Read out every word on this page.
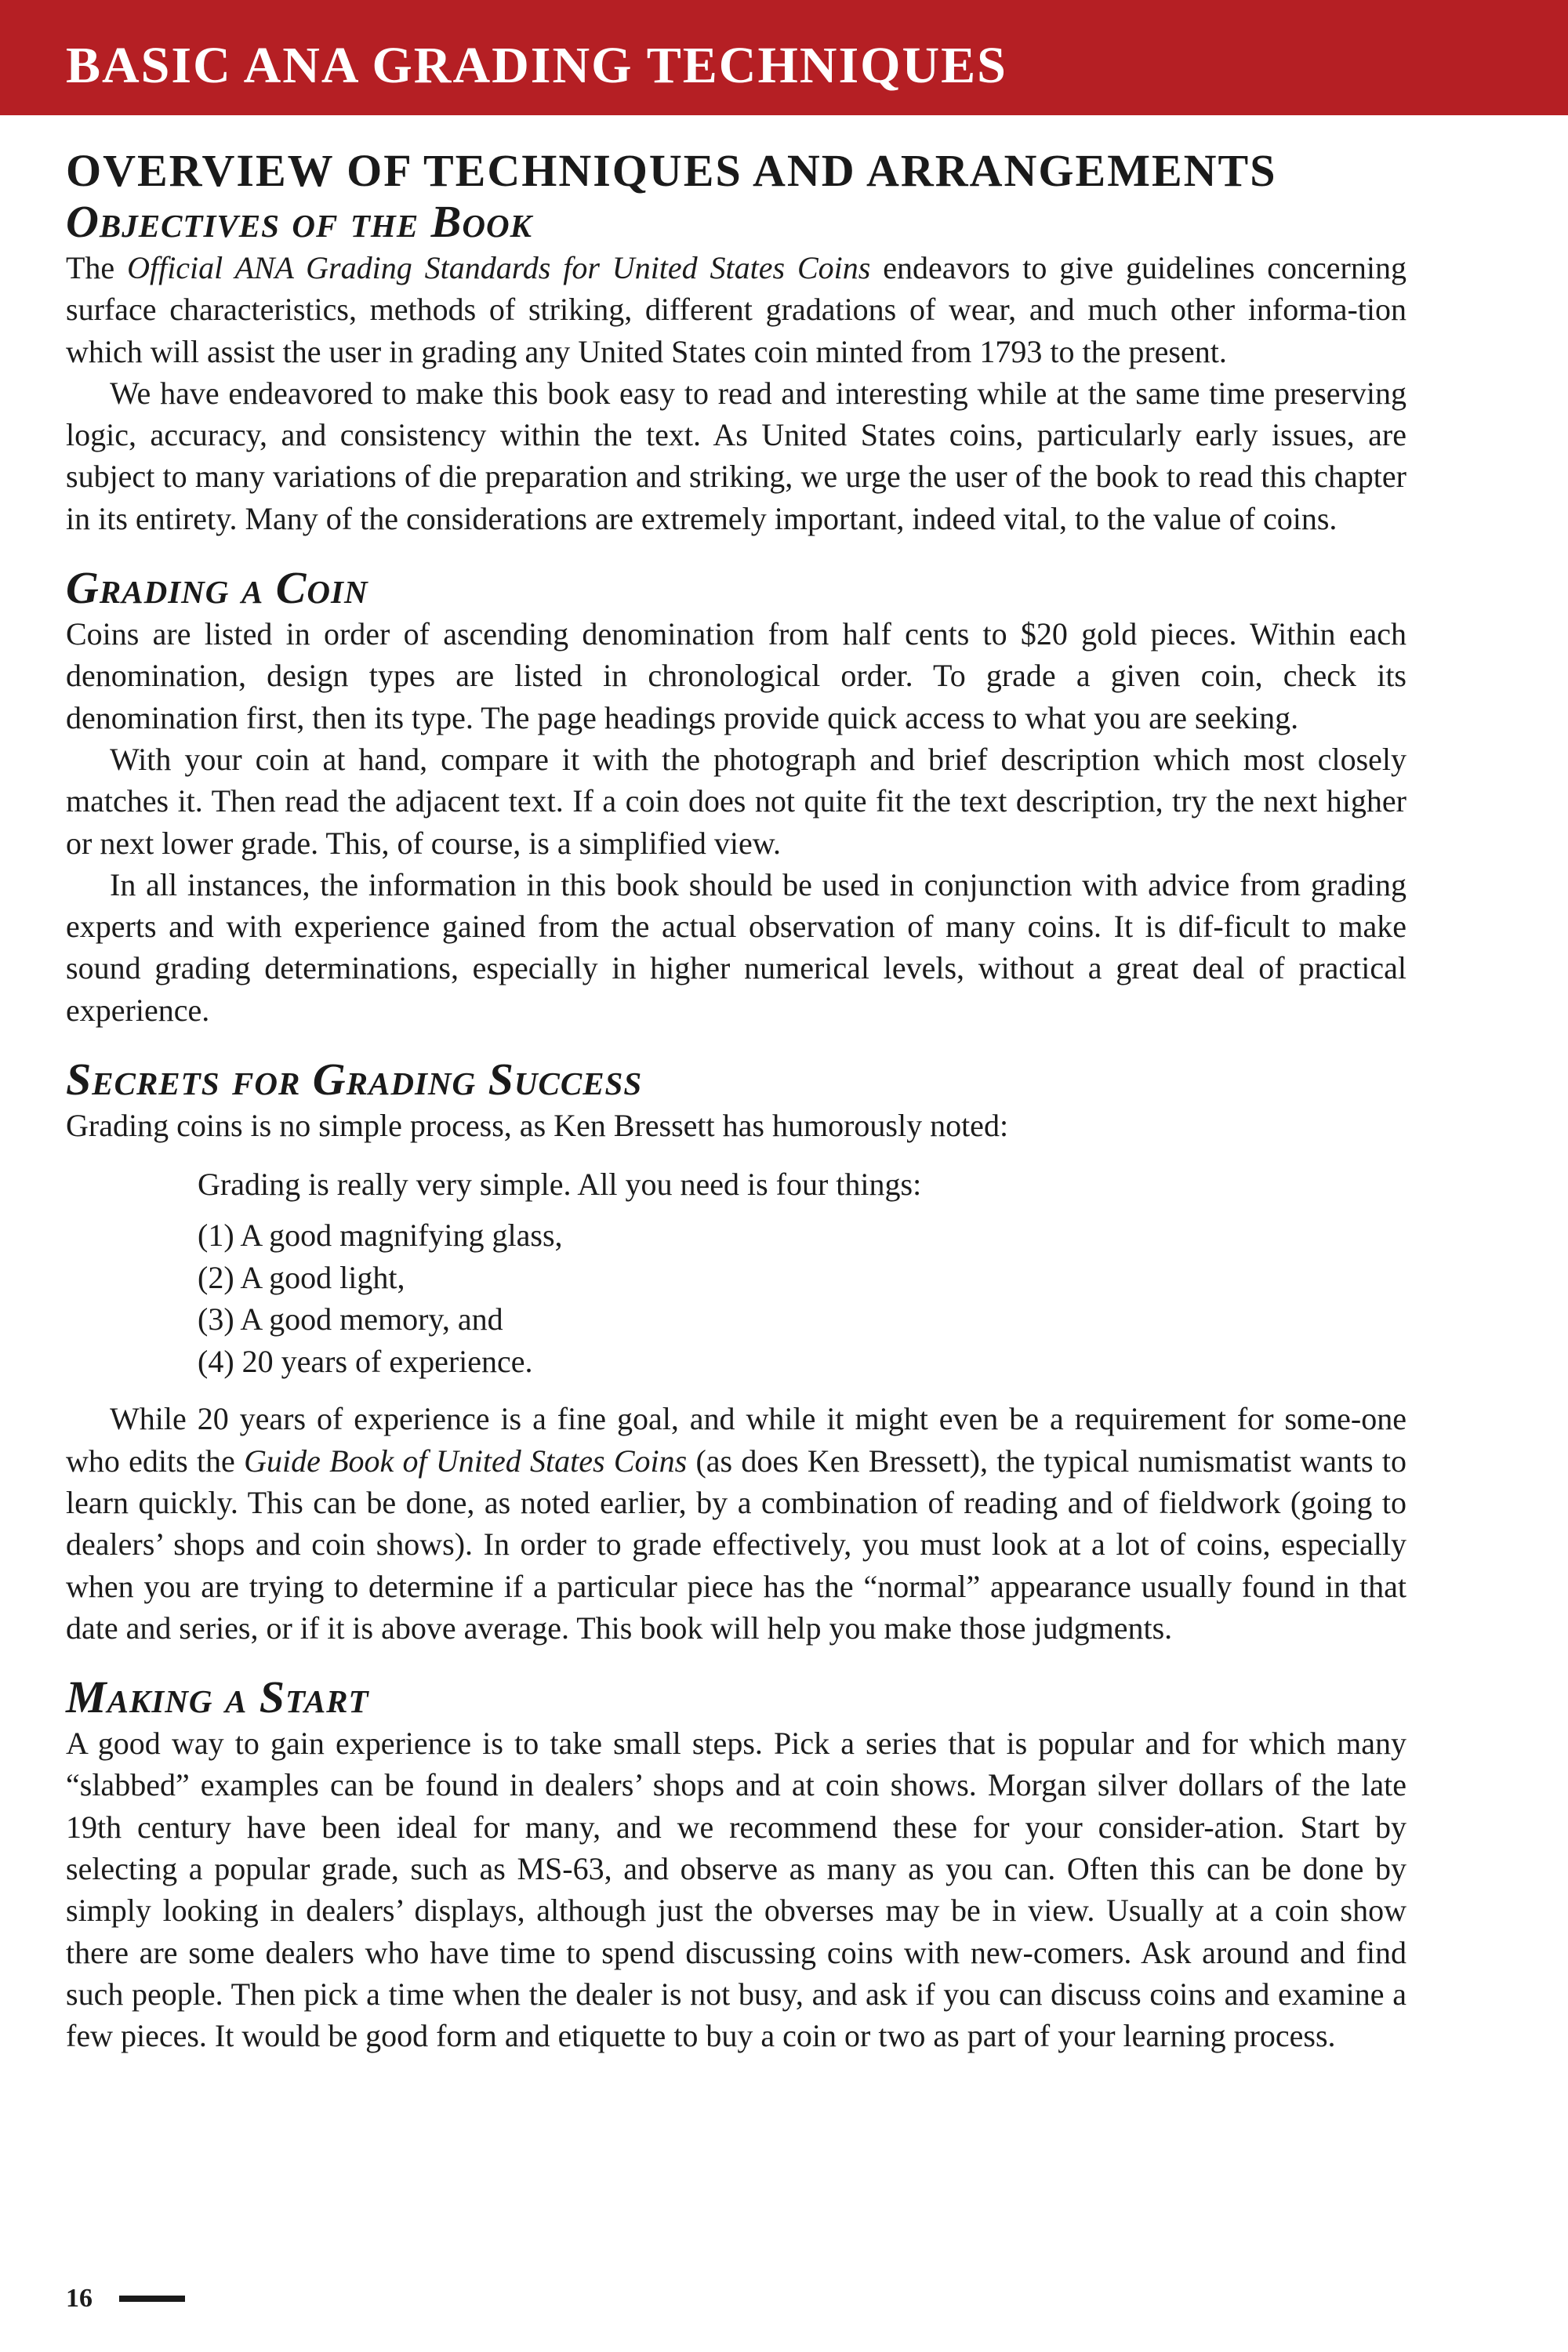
BASIC ANA GRADING TECHNIQUES
OVERVIEW OF TECHNIQUES AND ARRANGEMENTS
Objectives of the Book

The Official ANA Grading Standards for United States Coins endeavors to give guidelines concerning surface characteristics, methods of striking, different gradations of wear, and much other informa-tion which will assist the user in grading any United States coin minted from 1793 to the present.

We have endeavored to make this book easy to read and interesting while at the same time preserving logic, accuracy, and consistency within the text. As United States coins, particularly early issues, are subject to many variations of die preparation and striking, we urge the user of the book to read this chapter in its entirety. Many of the considerations are extremely important, indeed vital, to the value of coins.

Grading a Coin

Coins are listed in order of ascending denomination from half cents to $20 gold pieces. Within each denomination, design types are listed in chronological order. To grade a given coin, check its denomination first, then its type. The page headings provide quick access to what you are seeking.

With your coin at hand, compare it with the photograph and brief description which most closely matches it. Then read the adjacent text. If a coin does not quite fit the text description, try the next higher or next lower grade. This, of course, is a simplified view.

In all instances, the information in this book should be used in conjunction with advice from grading experts and with experience gained from the actual observation of many coins. It is dif-ficult to make sound grading determinations, especially in higher numerical levels, without a great deal of practical experience.

Secrets for Grading Success

Grading coins is no simple process, as Ken Bressett has humorously noted:

Grading is really very simple. All you need is four things:
(1) A good magnifying glass,
(2) A good light,
(3) A good memory, and
(4) 20 years of experience.

While 20 years of experience is a fine goal, and while it might even be a requirement for some-one who edits the Guide Book of United States Coins (as does Ken Bressett), the typical numismatist wants to learn quickly. This can be done, as noted earlier, by a combination of reading and of fieldwork (going to dealers’ shops and coin shows). In order to grade effectively, you must look at a lot of coins, especially when you are trying to determine if a particular piece has the “normal” appearance usually found in that date and series, or if it is above average. This book will help you make those judgments.

Making a Start

A good way to gain experience is to take small steps. Pick a series that is popular and for which many “slabbed” examples can be found in dealers’ shops and at coin shows. Morgan silver dollars of the late 19th century have been ideal for many, and we recommend these for your consider-ation. Start by selecting a popular grade, such as MS-63, and observe as many as you can. Often this can be done by simply looking in dealers’ displays, although just the obverses may be in view. Usually at a coin show there are some dealers who have time to spend discussing coins with new-comers. Ask around and find such people. Then pick a time when the dealer is not busy, and ask if you can discuss coins and examine a few pieces. It would be good form and etiquette to buy a coin or two as part of your learning process.

16
